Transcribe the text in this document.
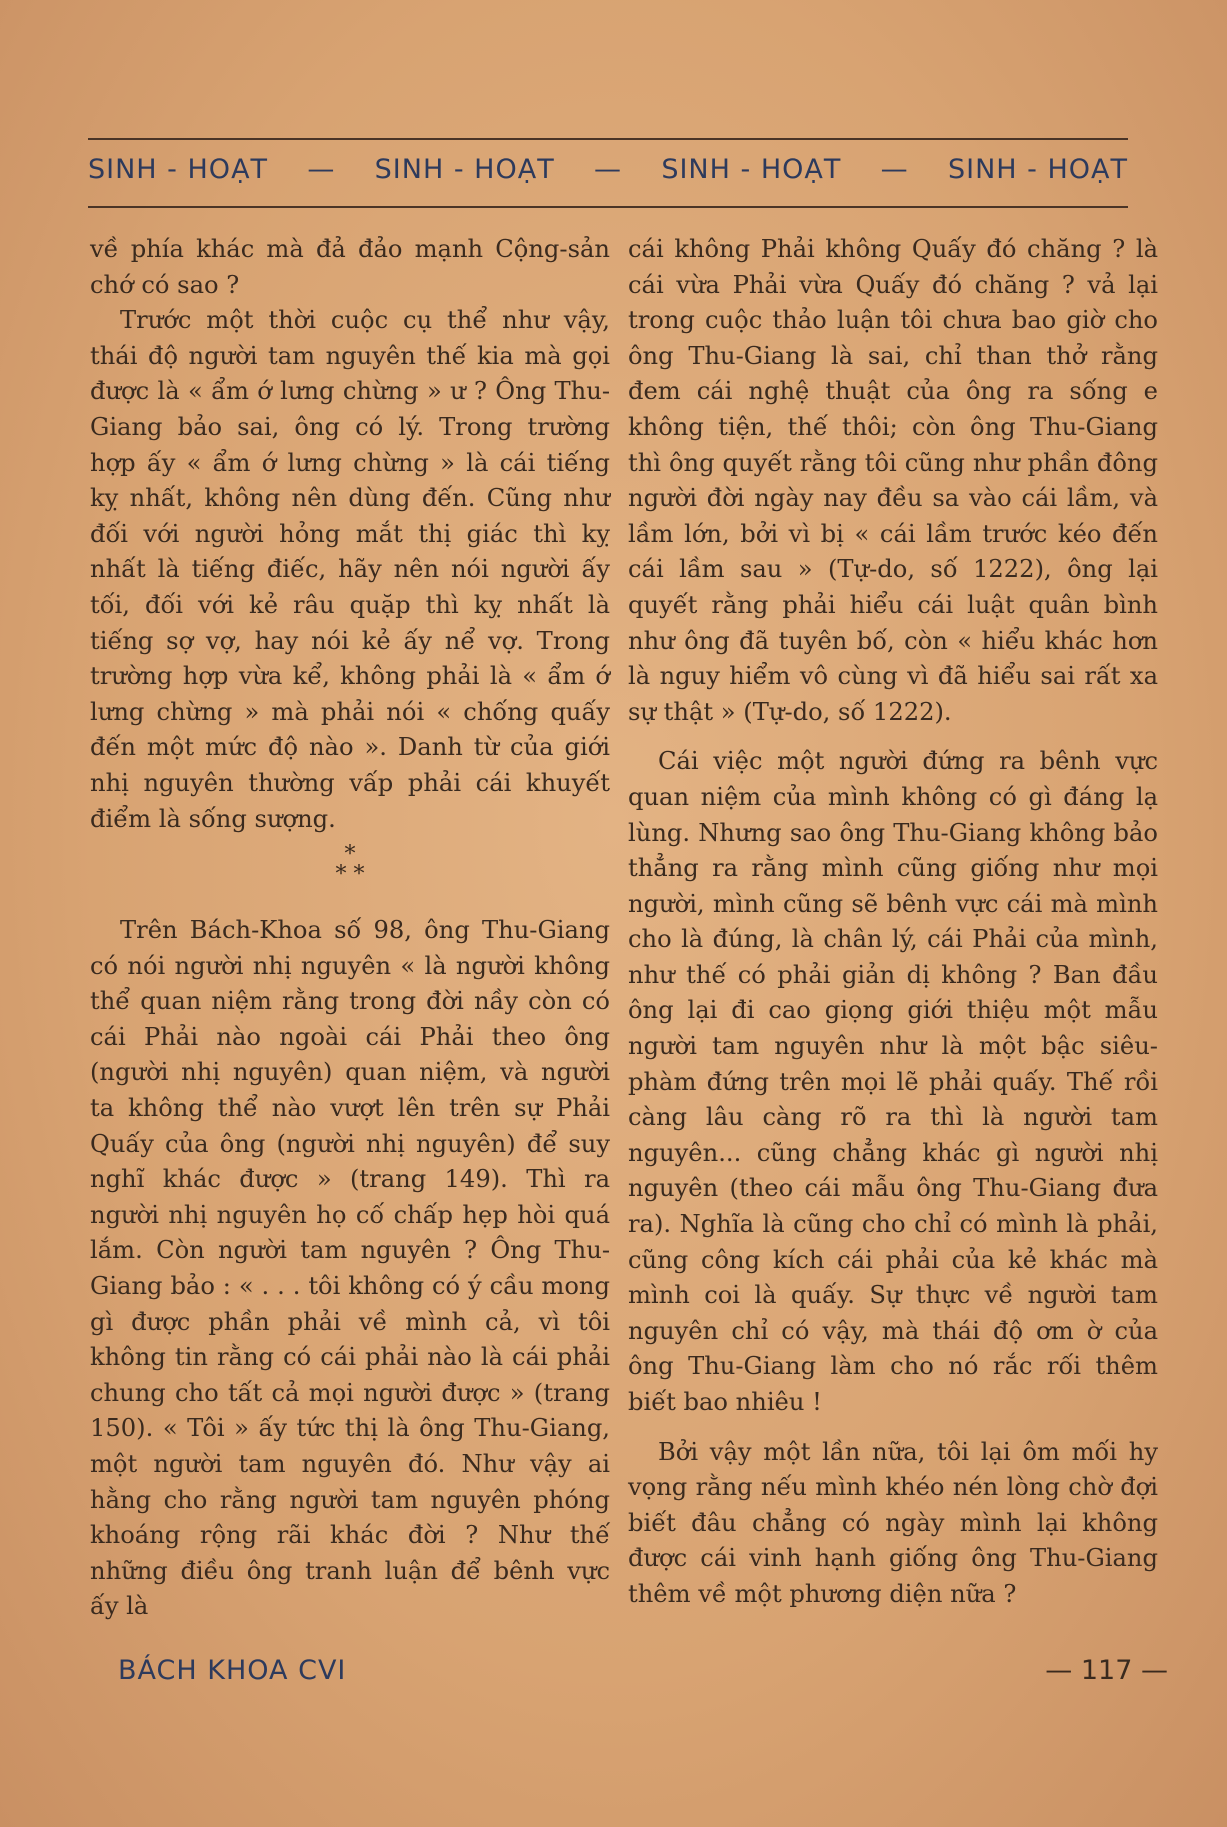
SINH - HOẠT — SINH - HOẠT — SINH - HOẠT — SINH - HOẠT

về phía khác mà đả đảo mạnh Cộng-sản chớ có sao ?

Trước một thời cuộc cụ thể như vậy, thái độ người tam nguyên thế kia mà gọi được là « ẩm ớ lưng chừng » ư ? Ông Thu-Giang bảo sai, ông có lý. Trong trường hợp ấy « ẩm ớ lưng chừng » là cái tiếng kỵ nhất, không nên dùng đến. Cũng như đối với người hỏng mắt thị giác thì kỵ nhất là tiếng điếc, hãy nên nói người ấy tối, đối với kẻ râu quặp thì kỵ nhất là tiếng sợ vợ, hay nói kẻ ấy nể vợ. Trong trường hợp vừa kể, không phải là « ẩm ớ lưng chừng » mà phải nói « chống quấy đến một mức độ nào ». Danh từ của giới nhị nguyên thường vấp phải cái khuyết điểm là sống sượng.

*
* *

Trên Bách-Khoa số 98, ông Thu-Giang có nói người nhị nguyên « là người không thể quan niệm rằng trong đời nầy còn có cái Phải nào ngoài cái Phải theo ông (người nhị nguyên) quan niệm, và người ta không thể nào vượt lên trên sự Phải Quấy của ông (người nhị nguyên) để suy nghĩ khác được » (trang 149). Thì ra người nhị nguyên họ cố chấp hẹp hòi quá lắm. Còn người tam nguyên ? Ông Thu-Giang bảo : « . . . tôi không có ý cầu mong gì được phần phải về mình cả, vì tôi không tin rằng có cái phải nào là cái phải chung cho tất cả mọi người được » (trang 150). « Tôi » ấy tức thị là ông Thu-Giang, một người tam nguyên đó. Như vậy ai hằng cho rằng người tam nguyên phóng khoáng rộng rãi khác đời ? Như thế những điều ông tranh luận để bênh vực ấy là

cái không Phải không Quấy đó chăng ? là cái vừa Phải vừa Quấy đó chăng ? vả lại trong cuộc thảo luận tôi chưa bao giờ cho ông Thu-Giang là sai, chỉ than thở rằng đem cái nghệ thuật của ông ra sống e không tiện, thế thôi; còn ông Thu-Giang thì ông quyết rằng tôi cũng như phần đông người đời ngày nay đều sa vào cái lầm, và lầm lớn, bởi vì bị « cái lầm trước kéo đến cái lầm sau » (Tự-do, số 1222), ông lại quyết rằng phải hiểu cái luật quân bình như ông đã tuyên bố, còn « hiểu khác hơn là nguy hiểm vô cùng vì đã hiểu sai rất xa sự thật » (Tự-do, số 1222).

Cái việc một người đứng ra bênh vực quan niệm của mình không có gì đáng lạ lùng. Nhưng sao ông Thu-Giang không bảo thẳng ra rằng mình cũng giống như mọi người, mình cũng sẽ bênh vực cái mà mình cho là đúng, là chân lý, cái Phải của mình, như thế có phải giản dị không ? Ban đầu ông lại đi cao giọng giới thiệu một mẫu người tam nguyên như là một bậc siêu-phàm đứng trên mọi lẽ phải quấy. Thế rồi càng lâu càng rõ ra thì là người tam nguyên... cũng chẳng khác gì người nhị nguyên (theo cái mẫu ông Thu-Giang đưa ra). Nghĩa là cũng cho chỉ có mình là phải, cũng công kích cái phải của kẻ khác mà mình coi là quấy. Sự thực về người tam nguyên chỉ có vậy, mà thái độ ơm ờ của ông Thu-Giang làm cho nó rắc rối thêm biết bao nhiêu !

Bởi vậy một lần nữa, tôi lại ôm mối hy vọng rằng nếu mình khéo nén lòng chờ đợi biết đâu chẳng có ngày mình lại không được cái vinh hạnh giống ông Thu-Giang thêm về một phương diện nữa ?

BÁCH KHOA CVI	— 117 —
